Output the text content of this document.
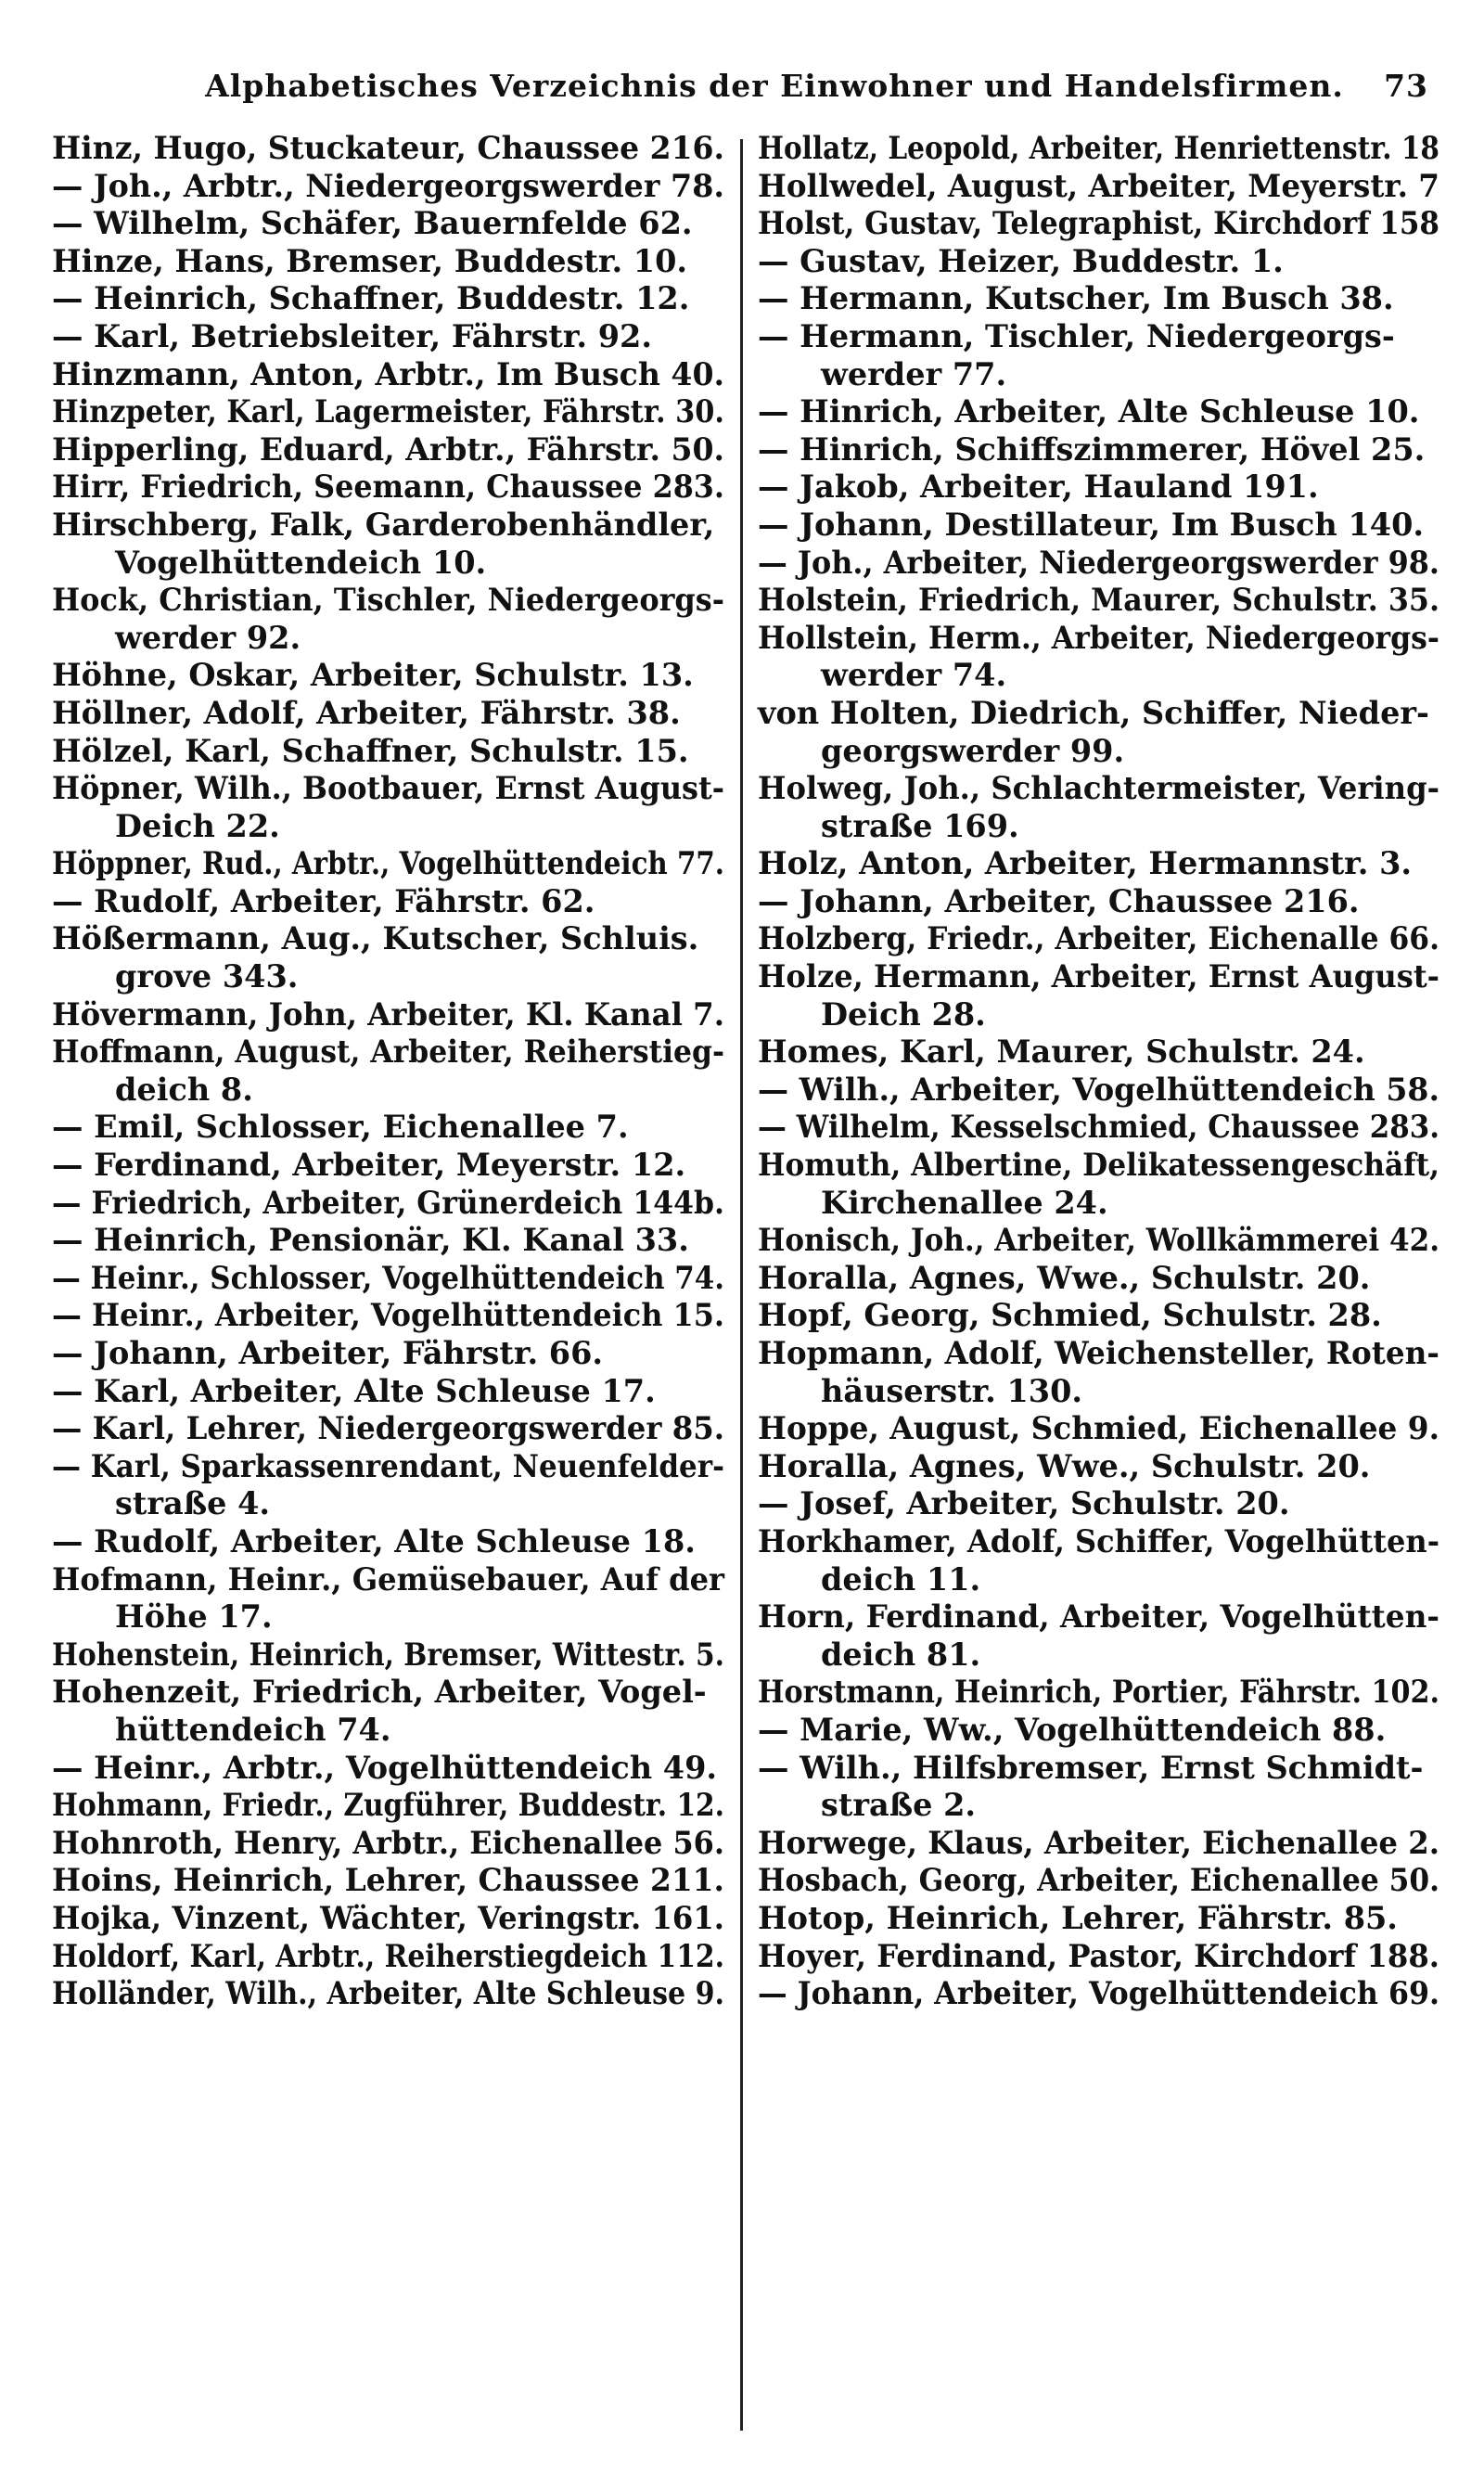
Alphabetisches Verzeichnis der Einwohner und Handelsfirmen.	73
Hinz, Hugo, Stuckateur, Chaussee 216.
— Joh., Arbtr., Niedergeorgswerder 78.
— Wilhelm, Schäfer, Bauernfelde 62.
Hinze, Hans, Bremser, Buddestr. 10.
— Heinrich, Schaffner, Buddestr. 12.
— Karl, Betriebsleiter, Fährstr. 92.
Hinzmann, Anton, Arbtr., Im Busch 40.
Hinzpeter, Karl, Lagermeister, Fährstr. 30.
Hipperling, Eduard, Arbtr., Fährstr. 50.
Hirr, Friedrich, Seemann, Chaussee 283.
Hirschberg, Falk, Garderobenhändler,
Vogelhüttendeich 10.
Hock, Christian, Tischler, Niedergeorgs-
werder 92.
Höhne, Oskar, Arbeiter, Schulstr. 13.
Höllner, Adolf, Arbeiter, Fährstr. 38.
Hölzel, Karl, Schaffner, Schulstr. 15.
Höpner, Wilh., Bootbauer, Ernst August-
Deich 22.
Höppner, Rud., Arbtr., Vogelhüttendeich 77.
— Rudolf, Arbeiter, Fährstr. 62.
Hößermann, Aug., Kutscher, Schluis.
grove 343.
Hövermann, John, Arbeiter, Kl. Kanal 7.
Hoffmann, August, Arbeiter, Reiherstieg-
deich 8.
— Emil, Schlosser, Eichenallee 7.
— Ferdinand, Arbeiter, Meyerstr. 12.
— Friedrich, Arbeiter, Grünerdeich 144b.
— Heinrich, Pensionär, Kl. Kanal 33.
— Heinr., Schlosser, Vogelhüttendeich 74.
— Heinr., Arbeiter, Vogelhüttendeich 15.
— Johann, Arbeiter, Fährstr. 66.
— Karl, Arbeiter, Alte Schleuse 17.
— Karl, Lehrer, Niedergeorgswerder 85.
— Karl, Sparkassenrendant, Neuenfelder-
straße 4.
— Rudolf, Arbeiter, Alte Schleuse 18.
Hofmann, Heinr., Gemüsebauer, Auf der
Höhe 17.
Hohenstein, Heinrich, Bremser, Wittestr. 5.
Hohenzeit, Friedrich, Arbeiter, Vogel-
hüttendeich 74.
— Heinr., Arbtr., Vogelhüttendeich 49.
Hohmann, Friedr., Zugführer, Buddestr. 12.
Hohnroth, Henry, Arbtr., Eichenallee 56.
Hoins, Heinrich, Lehrer, Chaussee 211.
Hojka, Vinzent, Wächter, Veringstr. 161.
Holdorf, Karl, Arbtr., Reiherstiegdeich 112.
Holländer, Wilh., Arbeiter, Alte Schleuse 9.
Hollatz, Leopold, Arbeiter, Henriettenstr. 18
Hollwedel, August, Arbeiter, Meyerstr. 7
Holst, Gustav, Telegraphist, Kirchdorf 158
— Gustav, Heizer, Buddestr. 1.
— Hermann, Kutscher, Im Busch 38.
— Hermann, Tischler, Niedergeorgs-
werder 77.
— Hinrich, Arbeiter, Alte Schleuse 10.
— Hinrich, Schiffszimmerer, Hövel 25.
— Jakob, Arbeiter, Hauland 191.
— Johann, Destillateur, Im Busch 140.
— Joh., Arbeiter, Niedergeorgswerder 98.
Holstein, Friedrich, Maurer, Schulstr. 35.
Hollstein, Herm., Arbeiter, Niedergeorgs-
werder 74.
von Holten, Diedrich, Schiffer, Nieder-
georgswerder 99.
Holweg, Joh., Schlachtermeister, Vering-
straße 169.
Holz, Anton, Arbeiter, Hermannstr. 3.
— Johann, Arbeiter, Chaussee 216.
Holzberg, Friedr., Arbeiter, Eichenalle 66.
Holze, Hermann, Arbeiter, Ernst August-
Deich 28.
Homes, Karl, Maurer, Schulstr. 24.
— Wilh., Arbeiter, Vogelhüttendeich 58.
— Wilhelm, Kesselschmied, Chaussee 283.
Homuth, Albertine, Delikatessengeschäft,
Kirchenallee 24.
Honisch, Joh., Arbeiter, Wollkämmerei 42.
Horalla, Agnes, Wwe., Schulstr. 20.
Hopf, Georg, Schmied, Schulstr. 28.
Hopmann, Adolf, Weichensteller, Roten-
häuserstr. 130.
Hoppe, August, Schmied, Eichenallee 9.
Horalla, Agnes, Wwe., Schulstr. 20.
— Josef, Arbeiter, Schulstr. 20.
Horkhamer, Adolf, Schiffer, Vogelhütten-
deich 11.
Horn, Ferdinand, Arbeiter, Vogelhütten-
deich 81.
Horstmann, Heinrich, Portier, Fährstr. 102.
— Marie, Ww., Vogelhüttendeich 88.
— Wilh., Hilfsbremser, Ernst Schmidt-
straße 2.
Horwege, Klaus, Arbeiter, Eichenallee 2.
Hosbach, Georg, Arbeiter, Eichenallee 50.
Hotop, Heinrich, Lehrer, Fährstr. 85.
Hoyer, Ferdinand, Pastor, Kirchdorf 188.
— Johann, Arbeiter, Vogelhüttendeich 69.
